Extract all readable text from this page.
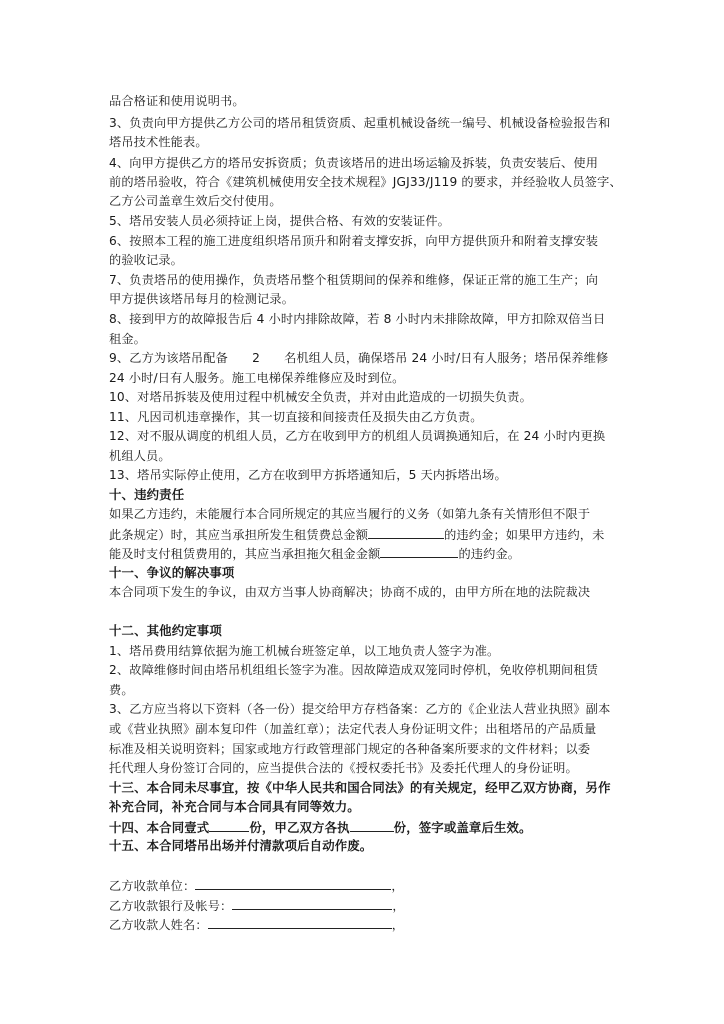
品合格证和使用说明书。
3、负责向甲方提供乙方公司的塔吊租赁资质、起重机械设备统一编号、机械设备检验报告和
塔吊技术性能表。
4、向甲方提供乙方的塔吊安拆资质；负责该塔吊的进出场运输及拆装，负责安装后、使用
前的塔吊验收，符合《建筑机械使用安全技术规程》JGJ33/J119 的要求，并经验收人员签字、
乙方公司盖章生效后交付使用。
5、塔吊安装人员必须持证上岗，提供合格、有效的安装证件。
6、按照本工程的施工进度组织塔吊顶升和附着支撑安拆，向甲方提供顶升和附着支撑安装
的验收记录。
7、负责塔吊的使用操作，负责塔吊整个租赁期间的保养和维修，保证正常的施工生产；向
甲方提供该塔吊每月的检测记录。
8、接到甲方的故障报告后 4 小时内排除故障，若 8 小时内未排除故障，甲方扣除双倍当日
租金。
9、乙方为该塔吊配备      2      名机组人员，确保塔吊 24 小时/日有人服务；塔吊保养维修
24 小时/日有人服务。施工电梯保养维修应及时到位。
10、对塔吊拆装及使用过程中机械安全负责，并对由此造成的一切损失负责。
11、凡因司机违章操作，其一切直接和间接责任及损失由乙方负责。
12、对不服从调度的机组人员，乙方在收到甲方的机组人员调换通知后，在 24 小时内更换
机组人员。
13、塔吊实际停止使用，乙方在收到甲方拆塔通知后，5 天内拆塔出场。
十、违约责任
如果乙方违约，未能履行本合同所规定的其应当履行的义务（如第九条有关情形但不限于
此条规定）时，其应当承担所发生租赁费总金额	的违约金；如果甲方违约，未
能及时支付租赁费用的，其应当承担拖欠租金金额	的违约金。
十一、争议的解决事项
本合同项下发生的争议，由双方当事人协商解决；协商不成的，由甲方所在地的法院裁决
十二、其他约定事项
1、塔吊费用结算依据为施工机械台班签定单，以工地负责人签字为准。
2、故障维修时间由塔吊机组组长签字为准。因故障造成双笼同时停机，免收停机期间租赁
费。
3、乙方应当将以下资料（各一份）提交给甲方存档备案：乙方的《企业法人营业执照》副本
或《营业执照》副本复印件（加盖红章）；法定代表人身份证明文件；出租塔吊的产品质量
标准及相关说明资料；国家或地方行政管理部门规定的各种备案所要求的文件材料；以委
托代理人身份签订合同的，应当提供合法的《授权委托书》及委托代理人的身份证明。
十三、本合同未尽事宜，按《中华人民共和国合同法》的有关规定，经甲乙双方协商，另作
补充合同，补充合同与本合同具有同等效力。
十四、本合同壹式	份，甲乙双方各执	份，签字或盖章后生效。
十五、本合同塔吊出场并付清款项后自动作废。
乙方收款单位：	，
乙方收款银行及帐号：	，
乙方收款人姓名：	，
